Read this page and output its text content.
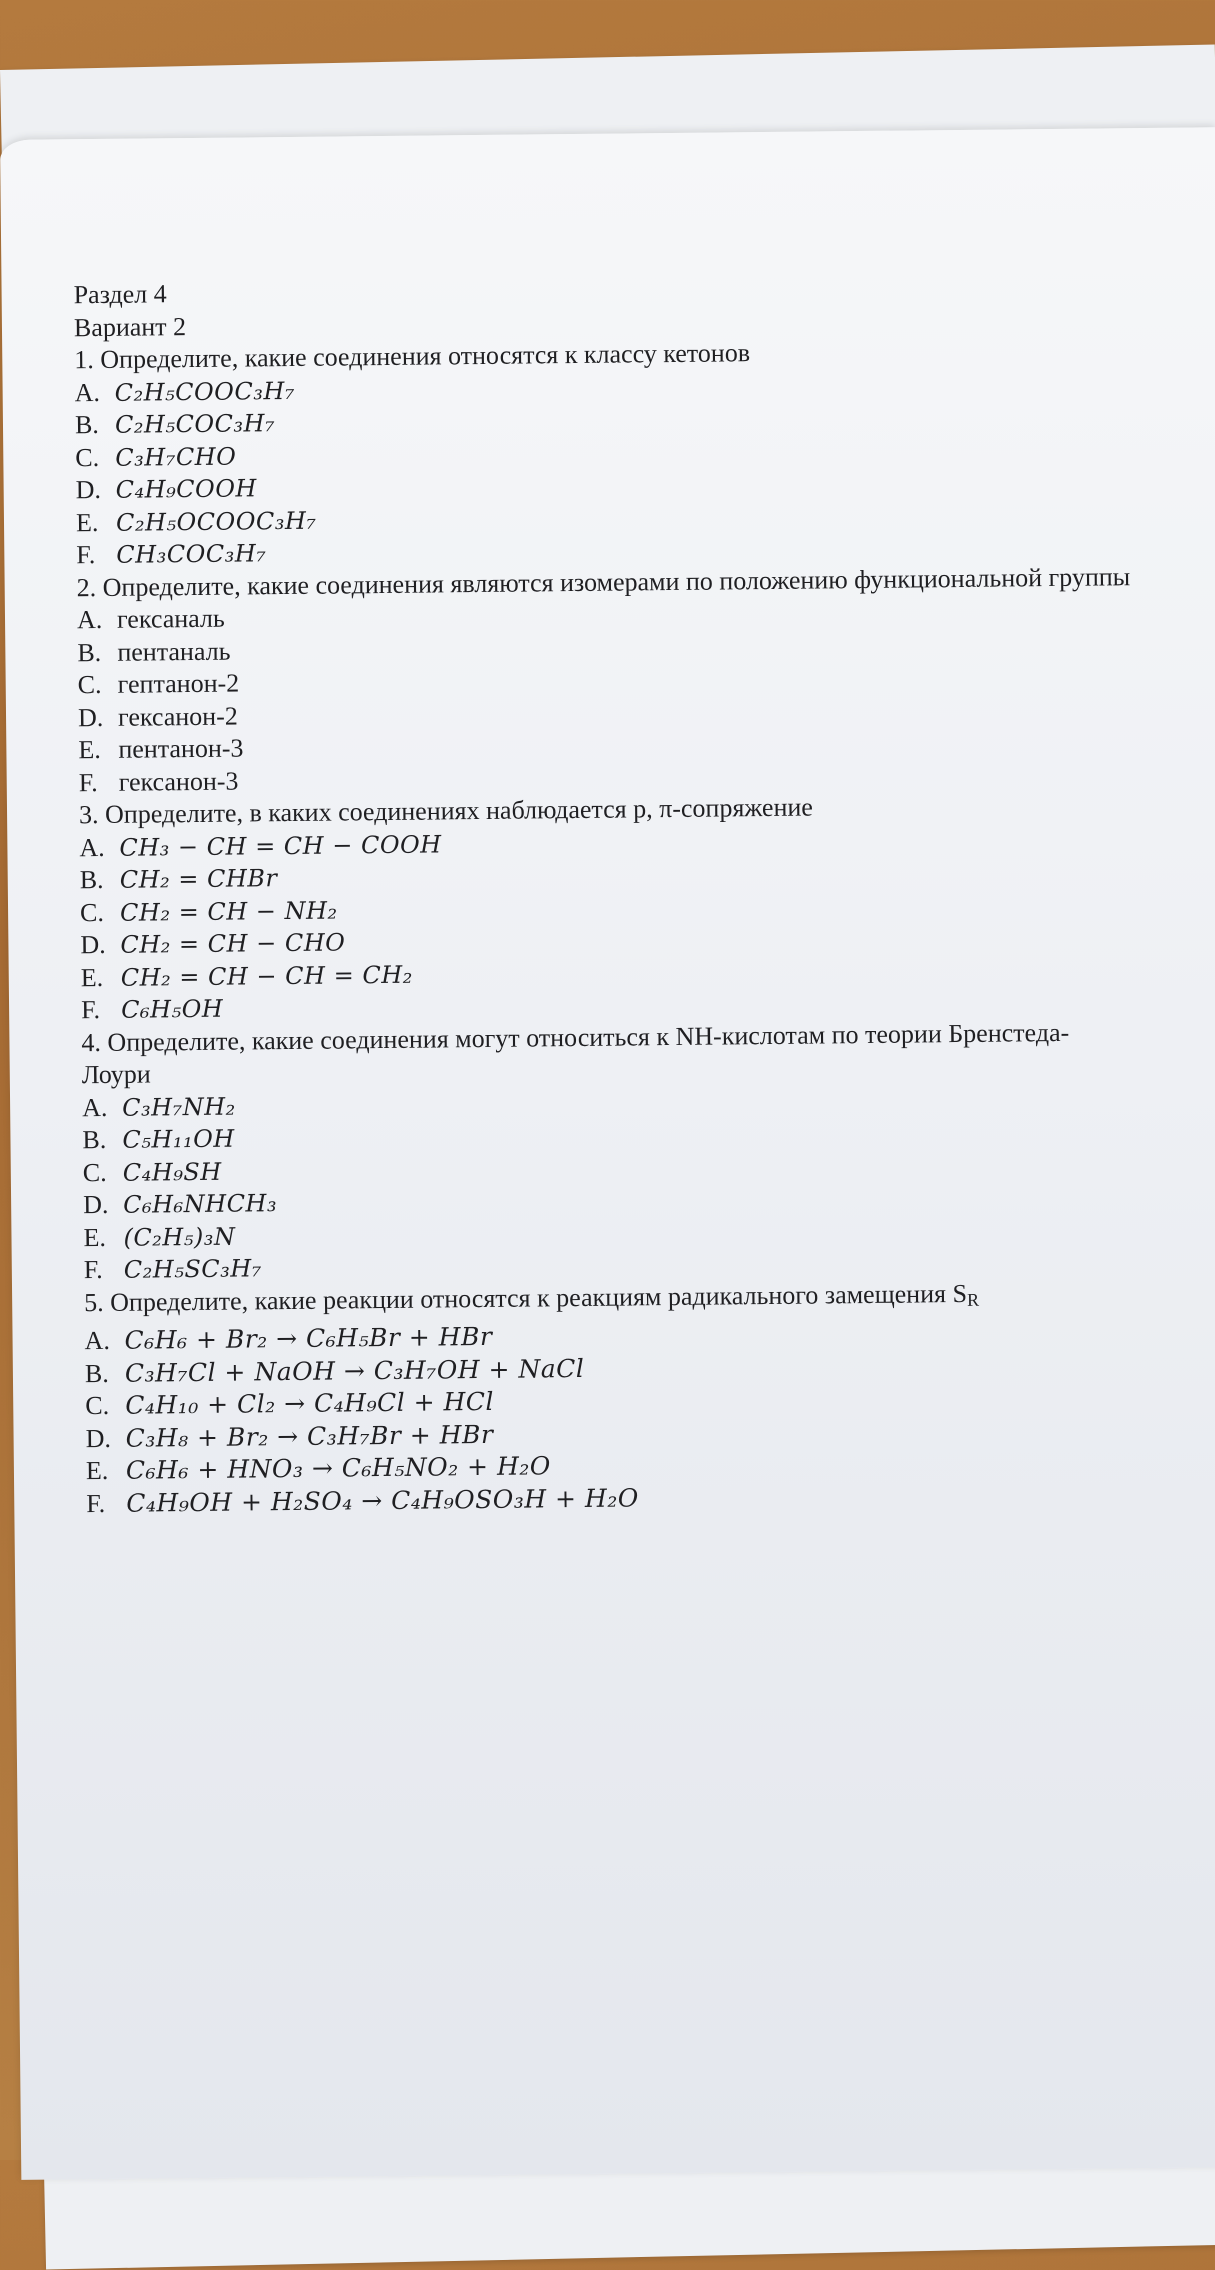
Раздел 4
Вариант 2
1. Определите, какие соединения относятся к классу кетонов
A. C₂H₅COOC₃H₇
B. C₂H₅COC₃H₇
C. C₃H₇CHO
D. C₄H₉COOH
E. C₂H₅OCOOC₃H₇
F. CH₃COC₃H₇
2. Определите, какие соединения являются изомерами по положению функциональной группы
A. гексаналь
B. пентаналь
C. гептанон-2
D. гексанон-2
E. пентанон-3
F. гексанон-3
3. Определите, в каких соединениях наблюдается p, π-сопряжение
A. CH₃ − CH = CH − COOH
B. CH₂ = CHBr
C. CH₂ = CH − NH₂
D. CH₂ = CH − CHO
E. CH₂ = CH − CH = CH₂
F. C₆H₅OH
4. Определите, какие соединения могут относиться к NH-кислотам по теории Бренстеда-
Лоури
A. C₃H₇NH₂
B. C₅H₁₁OH
C. C₄H₉SH
D. C₆H₆NHCH₃
E. (C₂H₅)₃N
F. C₂H₅SC₃H₇
5. Определите, какие реакции относятся к реакциям радикального замещения SR
A. C₆H₆ + Br₂ → C₆H₅Br + HBr
B. C₃H₇Cl + NaOH → C₃H₇OH + NaCl
C. C₄H₁₀ + Cl₂ → C₄H₉Cl + HCl
D. C₃H₈ + Br₂ → C₃H₇Br + HBr
E. C₆H₆ + HNO₃ → C₆H₅NO₂ + H₂O
F. C₄H₉OH + H₂SO₄ → C₄H₉OSO₃H + H₂O
